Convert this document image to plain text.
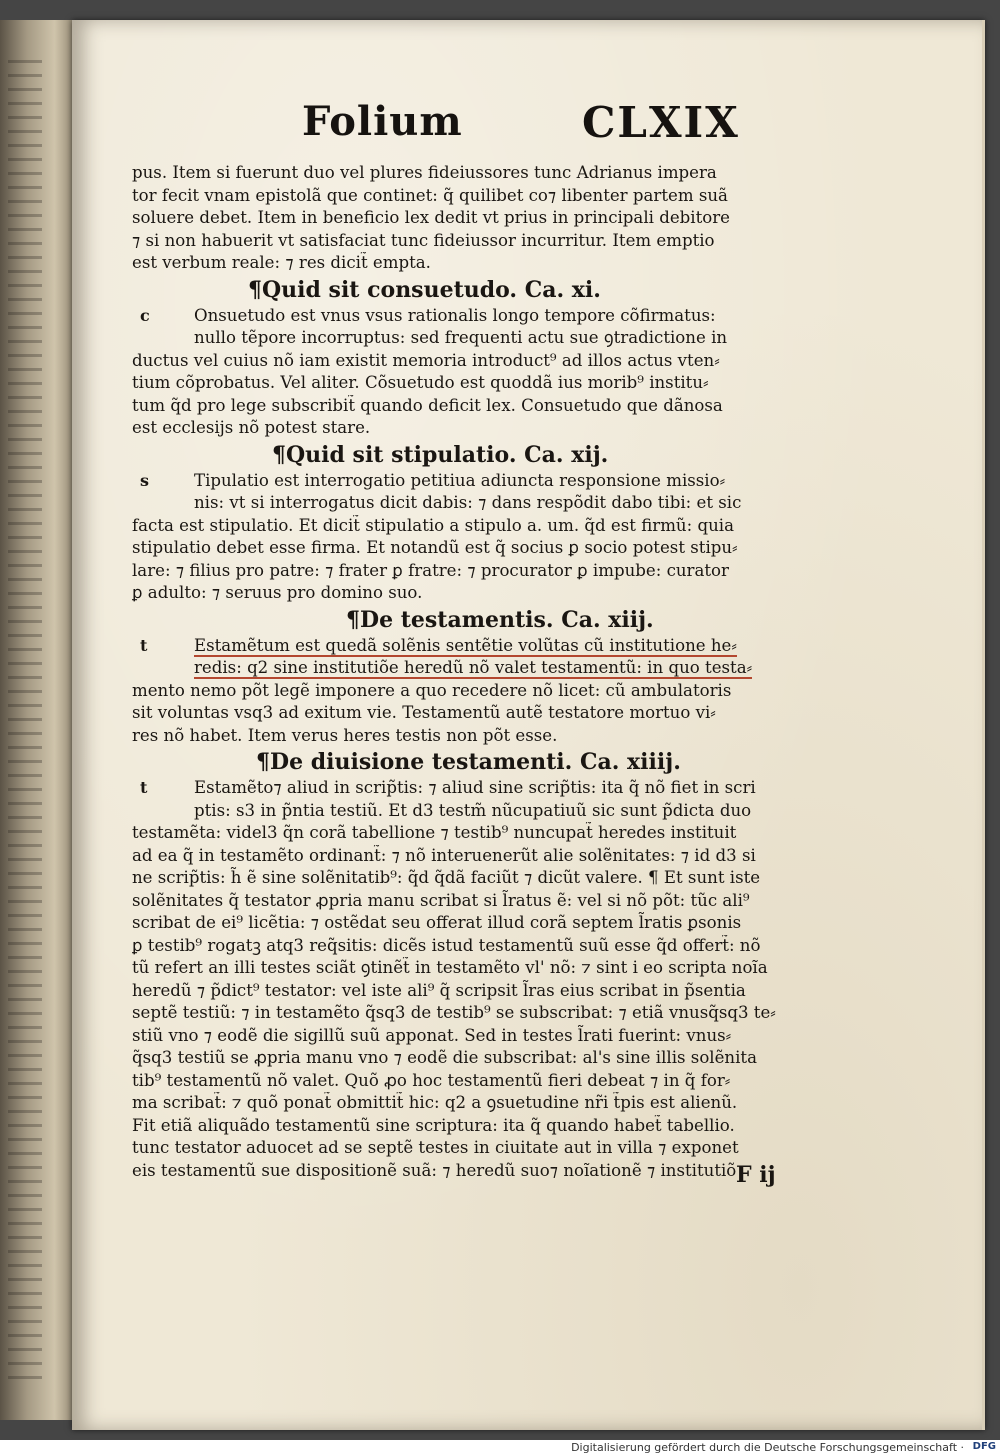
Folium	CLXIX
pus. Item si fuerunt duo vel plures fideiussores tunc Adrianus impera
tor fecit vnam epistolã que continet: q̃ quilibet co⁊ libenter partem suã
soluere debet. Item in beneficio lex dedit vt prius in principali debitore
⁊ si non habuerit vt satisfaciat tunc fideiussor incurritur. Item emptio
est verbum reale: ⁊ res dicit̃ empta.
¶Quid sit consuetudo. Ca. xi.
c	Onsuetudo est vnus vsus rationalis longo tempore cõfirmatus:
nullo tẽpore incorruptus: sed frequenti actu sue ꝯtradictione in
ductus vel cuius nõ iam existit memoria introduct⁹ ad illos actus vten⸗
tium cõprobatus. Vel aliter. Cõsuetudo est quoddã ius morib⁹ institu⸗
tum q̃d pro lege subscribit̃ quando deficit lex. Consuetudo que dãnosa
est ecclesijs nõ potest stare.
¶Quid sit stipulatio. Ca. xij.
s	Tipulatio est interrogatio petitiua adiuncta responsione missio⸗
nis: vt si interrogatus dicit dabis: ⁊ dans respõdit dabo tibi: et sic
facta est stipulatio. Et dicit̃ stipulatio a stipulo a. um. q̃d est firmũ: quia
stipulatio debet esse firma. Et notandũ est q̃ socius ꝑ socio potest stipu⸗
lare: ⁊ filius pro patre: ⁊ frater ꝑ fratre: ⁊ procurator ꝑ impube: curator
ꝑ adulto: ⁊ seruus pro domino suo.
¶De testamentis. Ca. xiij.
t	Estamẽtum est quedã solẽnis sentẽtie volũtas cũ institutione he⸗
redis: q2 sine institutiõe heredũ nõ valet testamentũ: in quo testa⸗
mento nemo põt legẽ imponere a quo recedere nõ licet: cũ ambulatoris
sit voluntas vsq3 ad exitum vie. Testamentũ autẽ testatore mortuo vi⸗
res nõ habet. Item verus heres testis non põt esse.
¶De diuisione testamenti. Ca. xiiij.
t	Estamẽto⁊ aliud in scrip̃tis: ⁊ aliud sine scrip̃tis: ita q̃ nõ fiet in scri
ptis: s3 in p̃ntia testiũ. Et d3 testm̃ nũcupatiuũ sic sunt p̃dicta duo
testamẽta: videl3 q̃n corã tabellione ⁊ testib⁹ nuncupat̃ heredes instituit
ad ea q̃ in testamẽto ordinant̃: ⁊ nõ interuenerũt alie solẽnitates: ⁊ id d3 si
ne scrip̃tis: h̃ ẽ sine solẽnitatib⁹: q̃d q̃dã faciũt ⁊ dicũt valere. ¶ Et sunt iste
solẽnitates q̃ testator ꝓpria manu scribat si l̃ratus ẽ: vel si nõ põt: tũc ali⁹
scribat de ei⁹ licẽtia: ⁊ ostẽdat seu offerat illud corã septem l̃ratis ꝑsonis
ꝑ testib⁹ rogatꝫ atq3 req̃sitis: dicẽs istud testamentũ suũ esse q̃d offert̃: nõ
tũ refert an illi testes sciãt ꝯtinẽt̃ in testamẽto vl' nõ: ⁊ sint i eo scripta noĩa
heredũ ⁊ p̃dict⁹ testator: vel iste ali⁹ q̃ scripsit l̃ras eius scribat in p̃sentia
septẽ testiũ: ⁊ in testamẽto q̃sq3 de testib⁹ se subscribat: ⁊ etiã vnusq̃sq3 te⸗
stiũ vno ⁊ eodẽ die sigillũ suũ apponat. Sed in testes l̃rati fuerint: vnus⸗
q̃sq3 testiũ se ꝓpria manu vno ⁊ eodẽ die subscribat: al's sine illis solẽnita
tib⁹ testamentũ nõ valet. Quõ ꝓo hoc testamentũ fieri debeat ⁊ in q̃ for⸗
ma scribat̃: ⁊ quõ ponat̃ obmittit̃ hic: q2 a ꝯsuetudine nr̃i t̃pis est alienũ.
Fit etiã aliquãdo testamentũ sine scriptura: ita q̃ quando habet̃ tabellio.
tunc testator aduocet ad se septẽ testes in ciuitate aut in villa ⁊ exponet
eis testamentũ sue dispositionẽ suã: ⁊ heredũ suo⁊ noĩationẽ ⁊ institutiõ F ij
Digitalisierung gefördert durch die Deutsche Forschungsgemeinschaft · DFG
